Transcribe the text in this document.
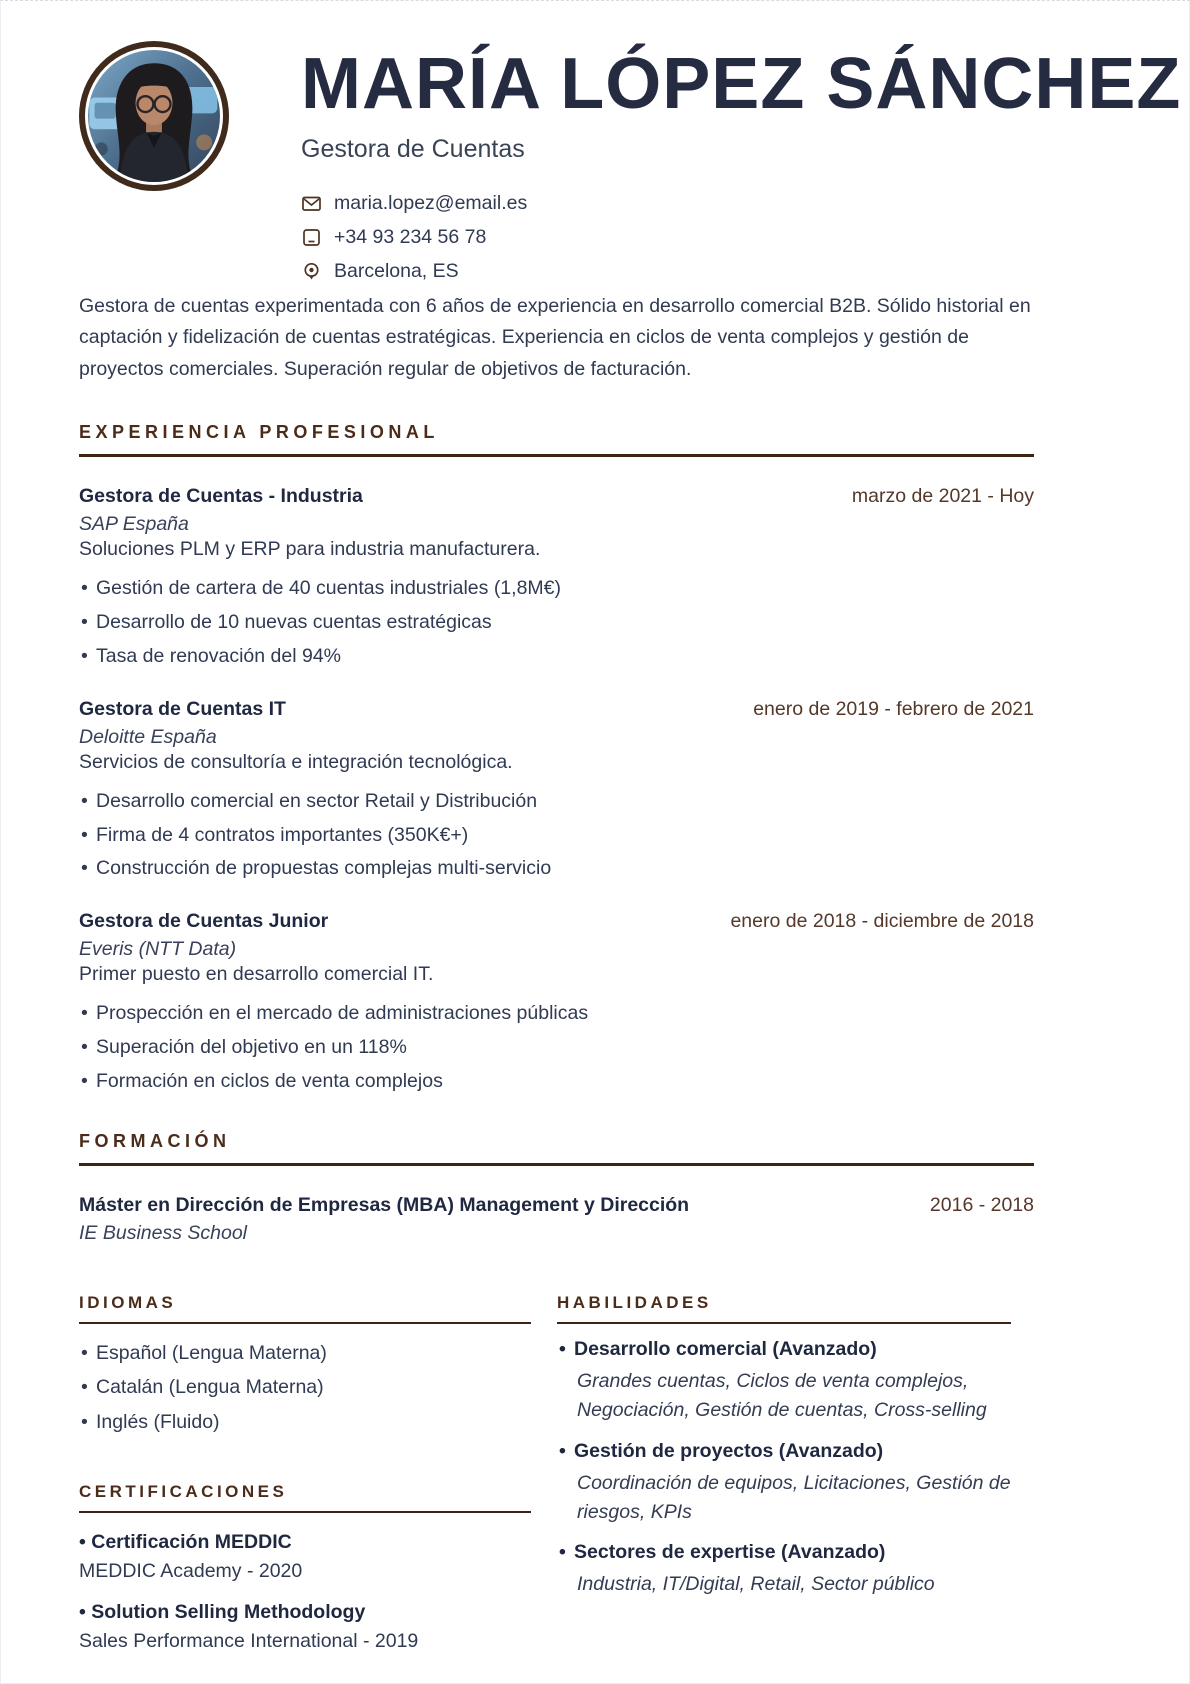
MARÍA LÓPEZ SÁNCHEZ
Gestora de Cuentas
maria.lopez@email.es
+34 93 234 56 78
Barcelona, ES

Gestora de cuentas experimentada con 6 años de experiencia en desarrollo comercial B2B. Sólido historial en captación y fidelización de cuentas estratégicas. Experiencia en ciclos de venta complejos y gestión de proyectos comerciales. Superación regular de objetivos de facturación.

EXPERIENCIA PROFESIONAL
Gestora de Cuentas - Industria	marzo de 2021 - Hoy
SAP España
Soluciones PLM y ERP para industria manufacturera.
• Gestión de cartera de 40 cuentas industriales (1,8M€)
• Desarrollo de 10 nuevas cuentas estratégicas
• Tasa de renovación del 94%
Gestora de Cuentas IT	enero de 2019 - febrero de 2021
Deloitte España
Servicios de consultoría e integración tecnológica.
• Desarrollo comercial en sector Retail y Distribución
• Firma de 4 contratos importantes (350K€+)
• Construcción de propuestas complejas multi-servicio
Gestora de Cuentas Junior	enero de 2018 - diciembre de 2018
Everis (NTT Data)
Primer puesto en desarrollo comercial IT.
• Prospección en el mercado de administraciones públicas
• Superación del objetivo en un 118%
• Formación en ciclos de venta complejos
FORMACIÓN
Máster en Dirección de Empresas (MBA) Management y Dirección	2016 - 2018
IE Business School
IDIOMAS
• Español (Lengua Materna)
• Catalán (Lengua Materna)
• Inglés (Fluido)
CERTIFICACIONES
• Certificación MEDDIC
MEDDIC Academy - 2020
• Solution Selling Methodology
Sales Performance International - 2019
HABILIDADES
• Desarrollo comercial (Avanzado)
Grandes cuentas, Ciclos de venta complejos, Negociación, Gestión de cuentas, Cross-selling
• Gestión de proyectos (Avanzado)
Coordinación de equipos, Licitaciones, Gestión de riesgos, KPIs
• Sectores de expertise (Avanzado)
Industria, IT/Digital, Retail, Sector público
